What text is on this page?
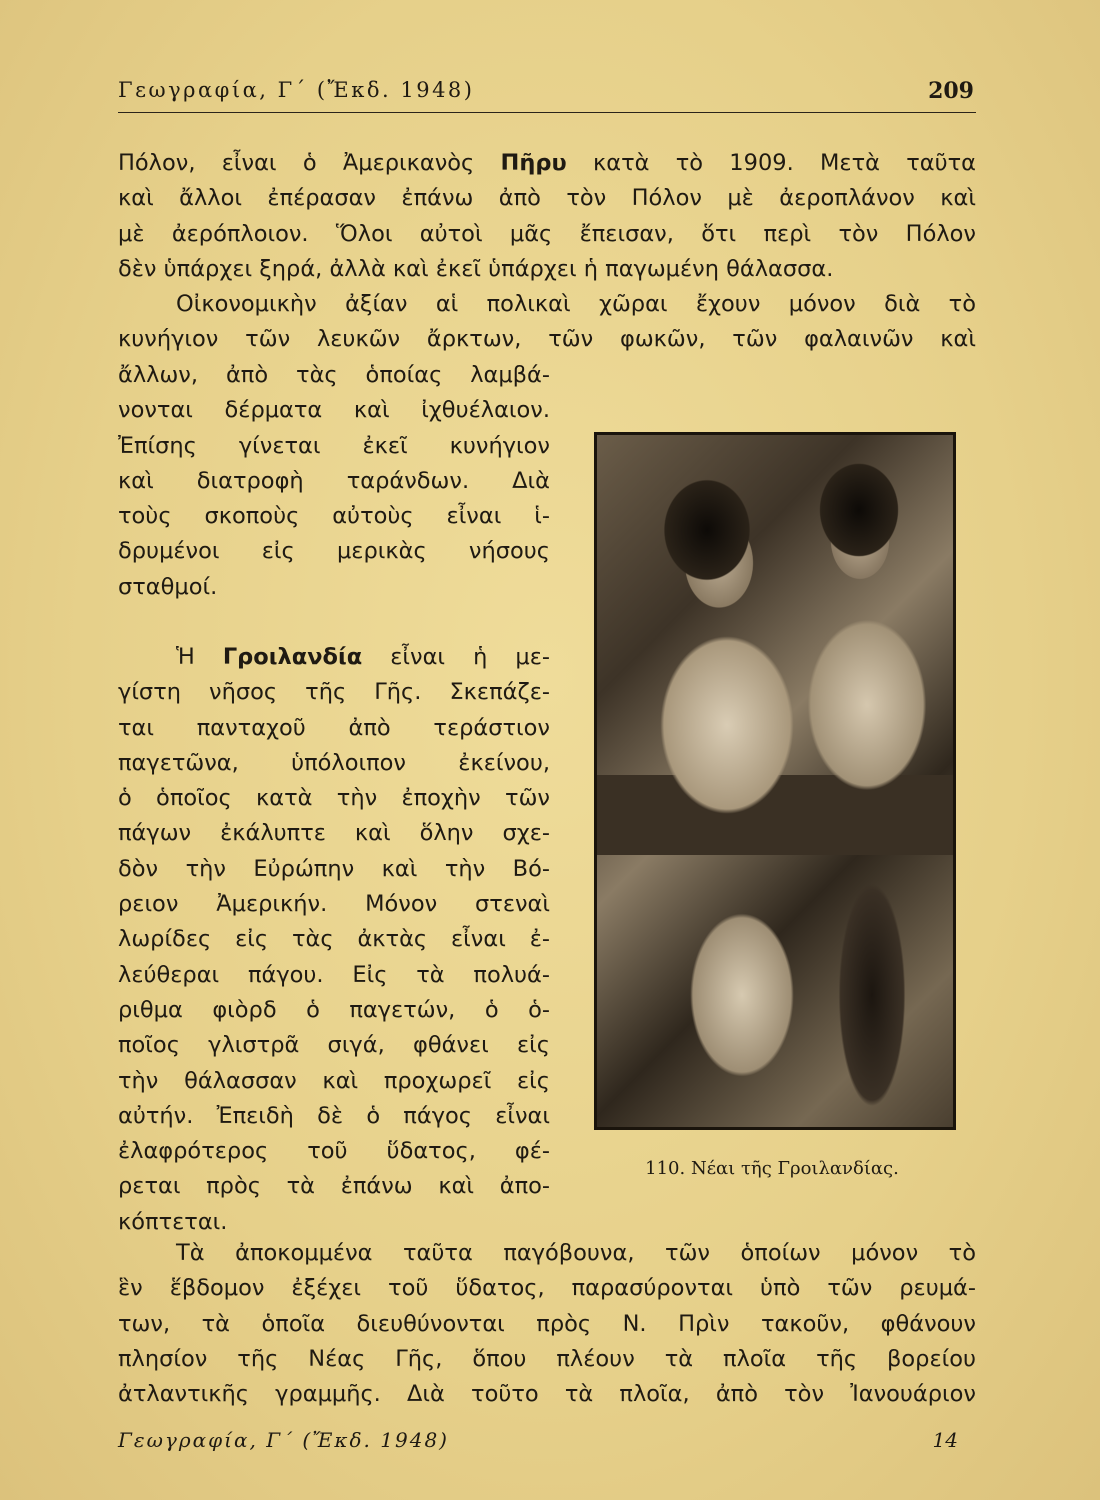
Γεωγραφία, Γ΄ (Ἔκδ. 1948)	209
Πόλον, εἶναι ὁ Ἀμερικανὸς Πῆρυ κατὰ τὸ 1909. Μετὰ ταῦτα
καὶ ἄλλοι ἐπέρασαν ἐπάνω ἀπὸ τὸν Πόλον μὲ ἀεροπλάνον καὶ
μὲ ἀερόπλοιον. Ὅλοι αὐτοὶ μᾶς ἔπεισαν, ὅτι περὶ τὸν Πόλον
δὲν ὑπάρχει ξηρά, ἀλλὰ καὶ ἐκεῖ ὑπάρχει ἡ παγωμένη θάλασσα.
Οἰκονομικὴν ἀξίαν αἱ πολικαὶ χῶραι ἔχουν μόνον διὰ τὸ
κυνήγιον τῶν λευκῶν ἄρκτων, τῶν φωκῶν, τῶν φαλαινῶν καὶ
ἄλλων, ἀπὸ τὰς ὁποίας λαμβά-
νονται δέρματα καὶ ἰχθυέλαιον.
Ἐπίσης γίνεται ἐκεῖ κυνήγιον
καὶ διατροφὴ ταράνδων. Διὰ
τοὺς σκοποὺς αὐτοὺς εἶναι ἱ-
δρυμένοι εἰς μερικὰς νήσους
σταθμοί.
Ἡ Γροιλανδία εἶναι ἡ με-
γίστη νῆσος τῆς Γῆς. Σκεπάζε-
ται πανταχοῦ ἀπὸ τεράστιον
παγετῶνα, ὑπόλοιπον ἐκείνου,
ὁ ὁποῖος κατὰ τὴν ἐποχὴν τῶν
πάγων ἐκάλυπτε καὶ ὅλην σχε-
δὸν τὴν Εὐρώπην καὶ τὴν Βό-
ρειον Ἀμερικήν. Μόνον στεναὶ
λωρίδες εἰς τὰς ἀκτὰς εἶναι ἐ-
λεύθεραι πάγου. Εἰς τὰ πολυά-
ριθμα φιὸρδ ὁ παγετών, ὁ ὁ-
ποῖος γλιστρᾶ σιγά, φθάνει εἰς
τὴν θάλασσαν καὶ προχωρεῖ εἰς
αὐτήν. Ἐπειδὴ δὲ ὁ πάγος εἶναι
ἐλαφρότερος τοῦ ὕδατος, φέ-
ρεται πρὸς τὰ ἐπάνω καὶ ἀπο-
κόπτεται.
110. Νέαι τῆς Γροιλανδίας.
Τὰ ἀποκομμένα ταῦτα παγόβουνα, τῶν ὁποίων μόνον τὸ
ἓν ἕβδομον ἐξέχει τοῦ ὕδατος, παρασύρονται ὑπὸ τῶν ρευμά-
των, τὰ ὁποῖα διευθύνονται πρὸς Ν. Πρὶν τακοῦν, φθάνουν
πλησίον τῆς Νέας Γῆς, ὅπου πλέουν τὰ πλοῖα τῆς βορείου
ἀτλαντικῆς γραμμῆς. Διὰ τοῦτο τὰ πλοῖα, ἀπὸ τὸν Ἰανουάριον
Γεωγραφία, Γ΄ (Ἔκδ. 1948)	14
